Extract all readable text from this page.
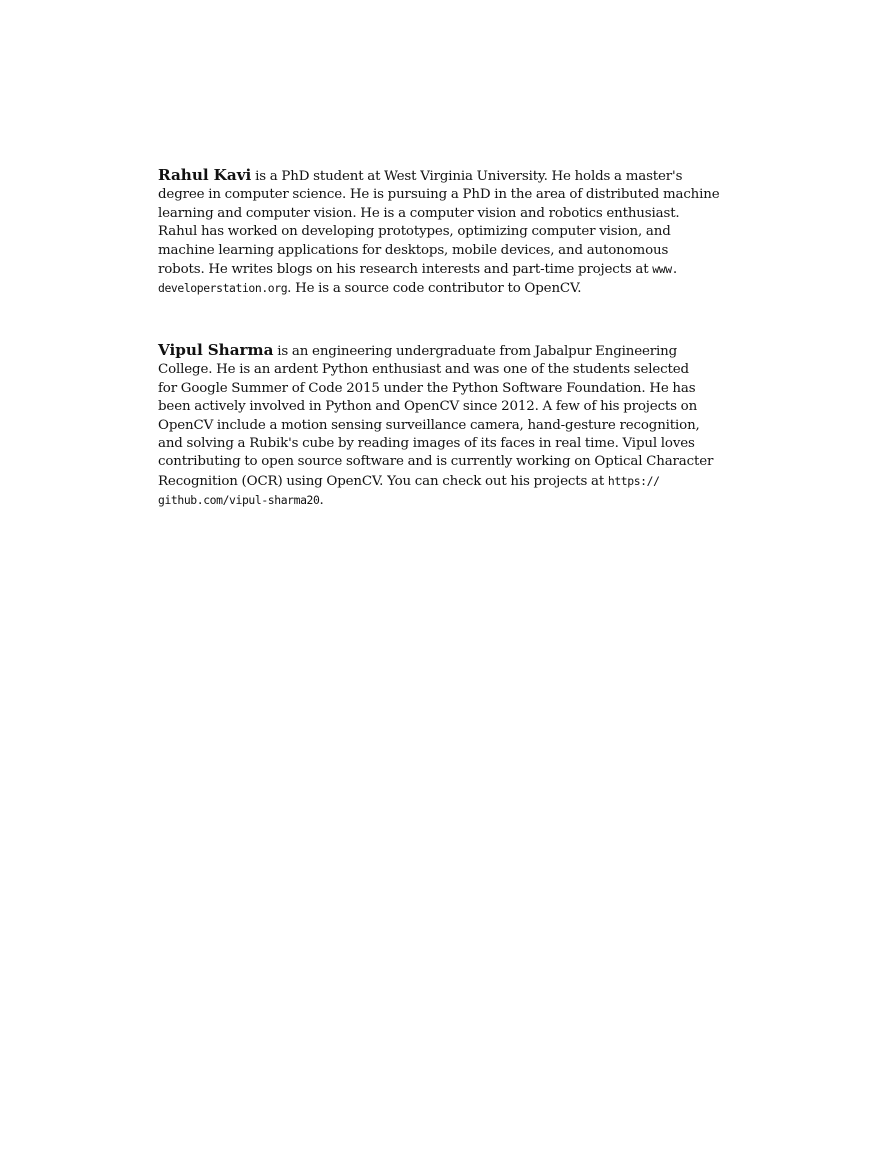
Rahul Kavi is a PhD student at West Virginia University. He holds a master's
degree in computer science. He is pursuing a PhD in the area of distributed machine
learning and computer vision. He is a computer vision and robotics enthusiast.
Rahul has worked on developing prototypes, optimizing computer vision, and
machine learning applications for desktops, mobile devices, and autonomous
robots. He writes blogs on his research interests and part-time projects at www.
developerstation.org. He is a source code contributor to OpenCV.
Vipul Sharma is an engineering undergraduate from Jabalpur Engineering
College. He is an ardent Python enthusiast and was one of the students selected
for Google Summer of Code 2015 under the Python Software Foundation. He has
been actively involved in Python and OpenCV since 2012. A few of his projects on
OpenCV include a motion sensing surveillance camera, hand-gesture recognition,
and solving a Rubik's cube by reading images of its faces in real time. Vipul loves
contributing to open source software and is currently working on Optical Character
Recognition (OCR) using OpenCV. You can check out his projects at https://
github.com/vipul-sharma20.
